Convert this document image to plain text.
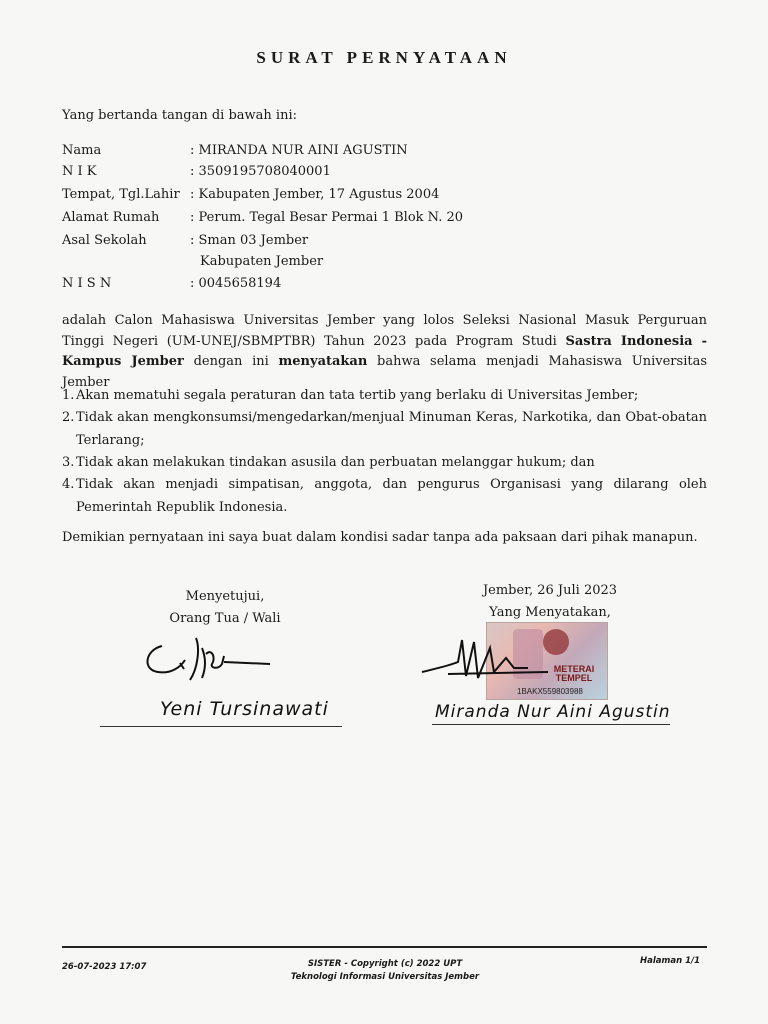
SURAT PERNYATAAN
Yang bertanda tangan di bawah ini:
Nama	: MIRANDA NUR AINI AGUSTIN
N I K	: 3509195708040001
Tempat, Tgl.Lahir : Kabupaten Jember, 17 Agustus 2004
Alamat Rumah	: Perum. Tegal Besar Permai 1 Blok N. 20
Asal Sekolah	: Sman 03 Jember
Kabupaten Jember
N I S N	: 0045658194
adalah Calon Mahasiswa Universitas Jember yang lolos Seleksi Nasional Masuk Perguruan Tinggi Negeri (UM-UNEJ/SBMPTBR) Tahun 2023 pada Program Studi Sastra Indonesia - Kampus Jember dengan ini menyatakan bahwa selama menjadi Mahasiswa Universitas Jember
1. Akan mematuhi segala peraturan dan tata tertib yang berlaku di Universitas Jember;
2. Tidak akan mengkonsumsi/mengedarkan/menjual Minuman Keras, Narkotika, dan Obat-obatan Terlarang;
3. Tidak akan melakukan tindakan asusila dan perbuatan melanggar hukum; dan
4. Tidak akan menjadi simpatisan, anggota, dan pengurus Organisasi yang dilarang oleh Pemerintah Republik Indonesia.
Demikian pernyataan ini saya buat dalam kondisi sadar tanpa ada paksaan dari pihak manapun.
Menyetujui,
Orang Tua / Wali
Yeni Tursinawati
Jember, 26 Juli 2023
Yang Menyatakan,
METERAI
TEMPEL
1BAKX559803988
Miranda Nur Aini Agustin
26-07-2023 17:07	SISTER - Copyright (c) 2022 UPT
Teknologi Informasi Universitas Jember
Halaman 1/1
